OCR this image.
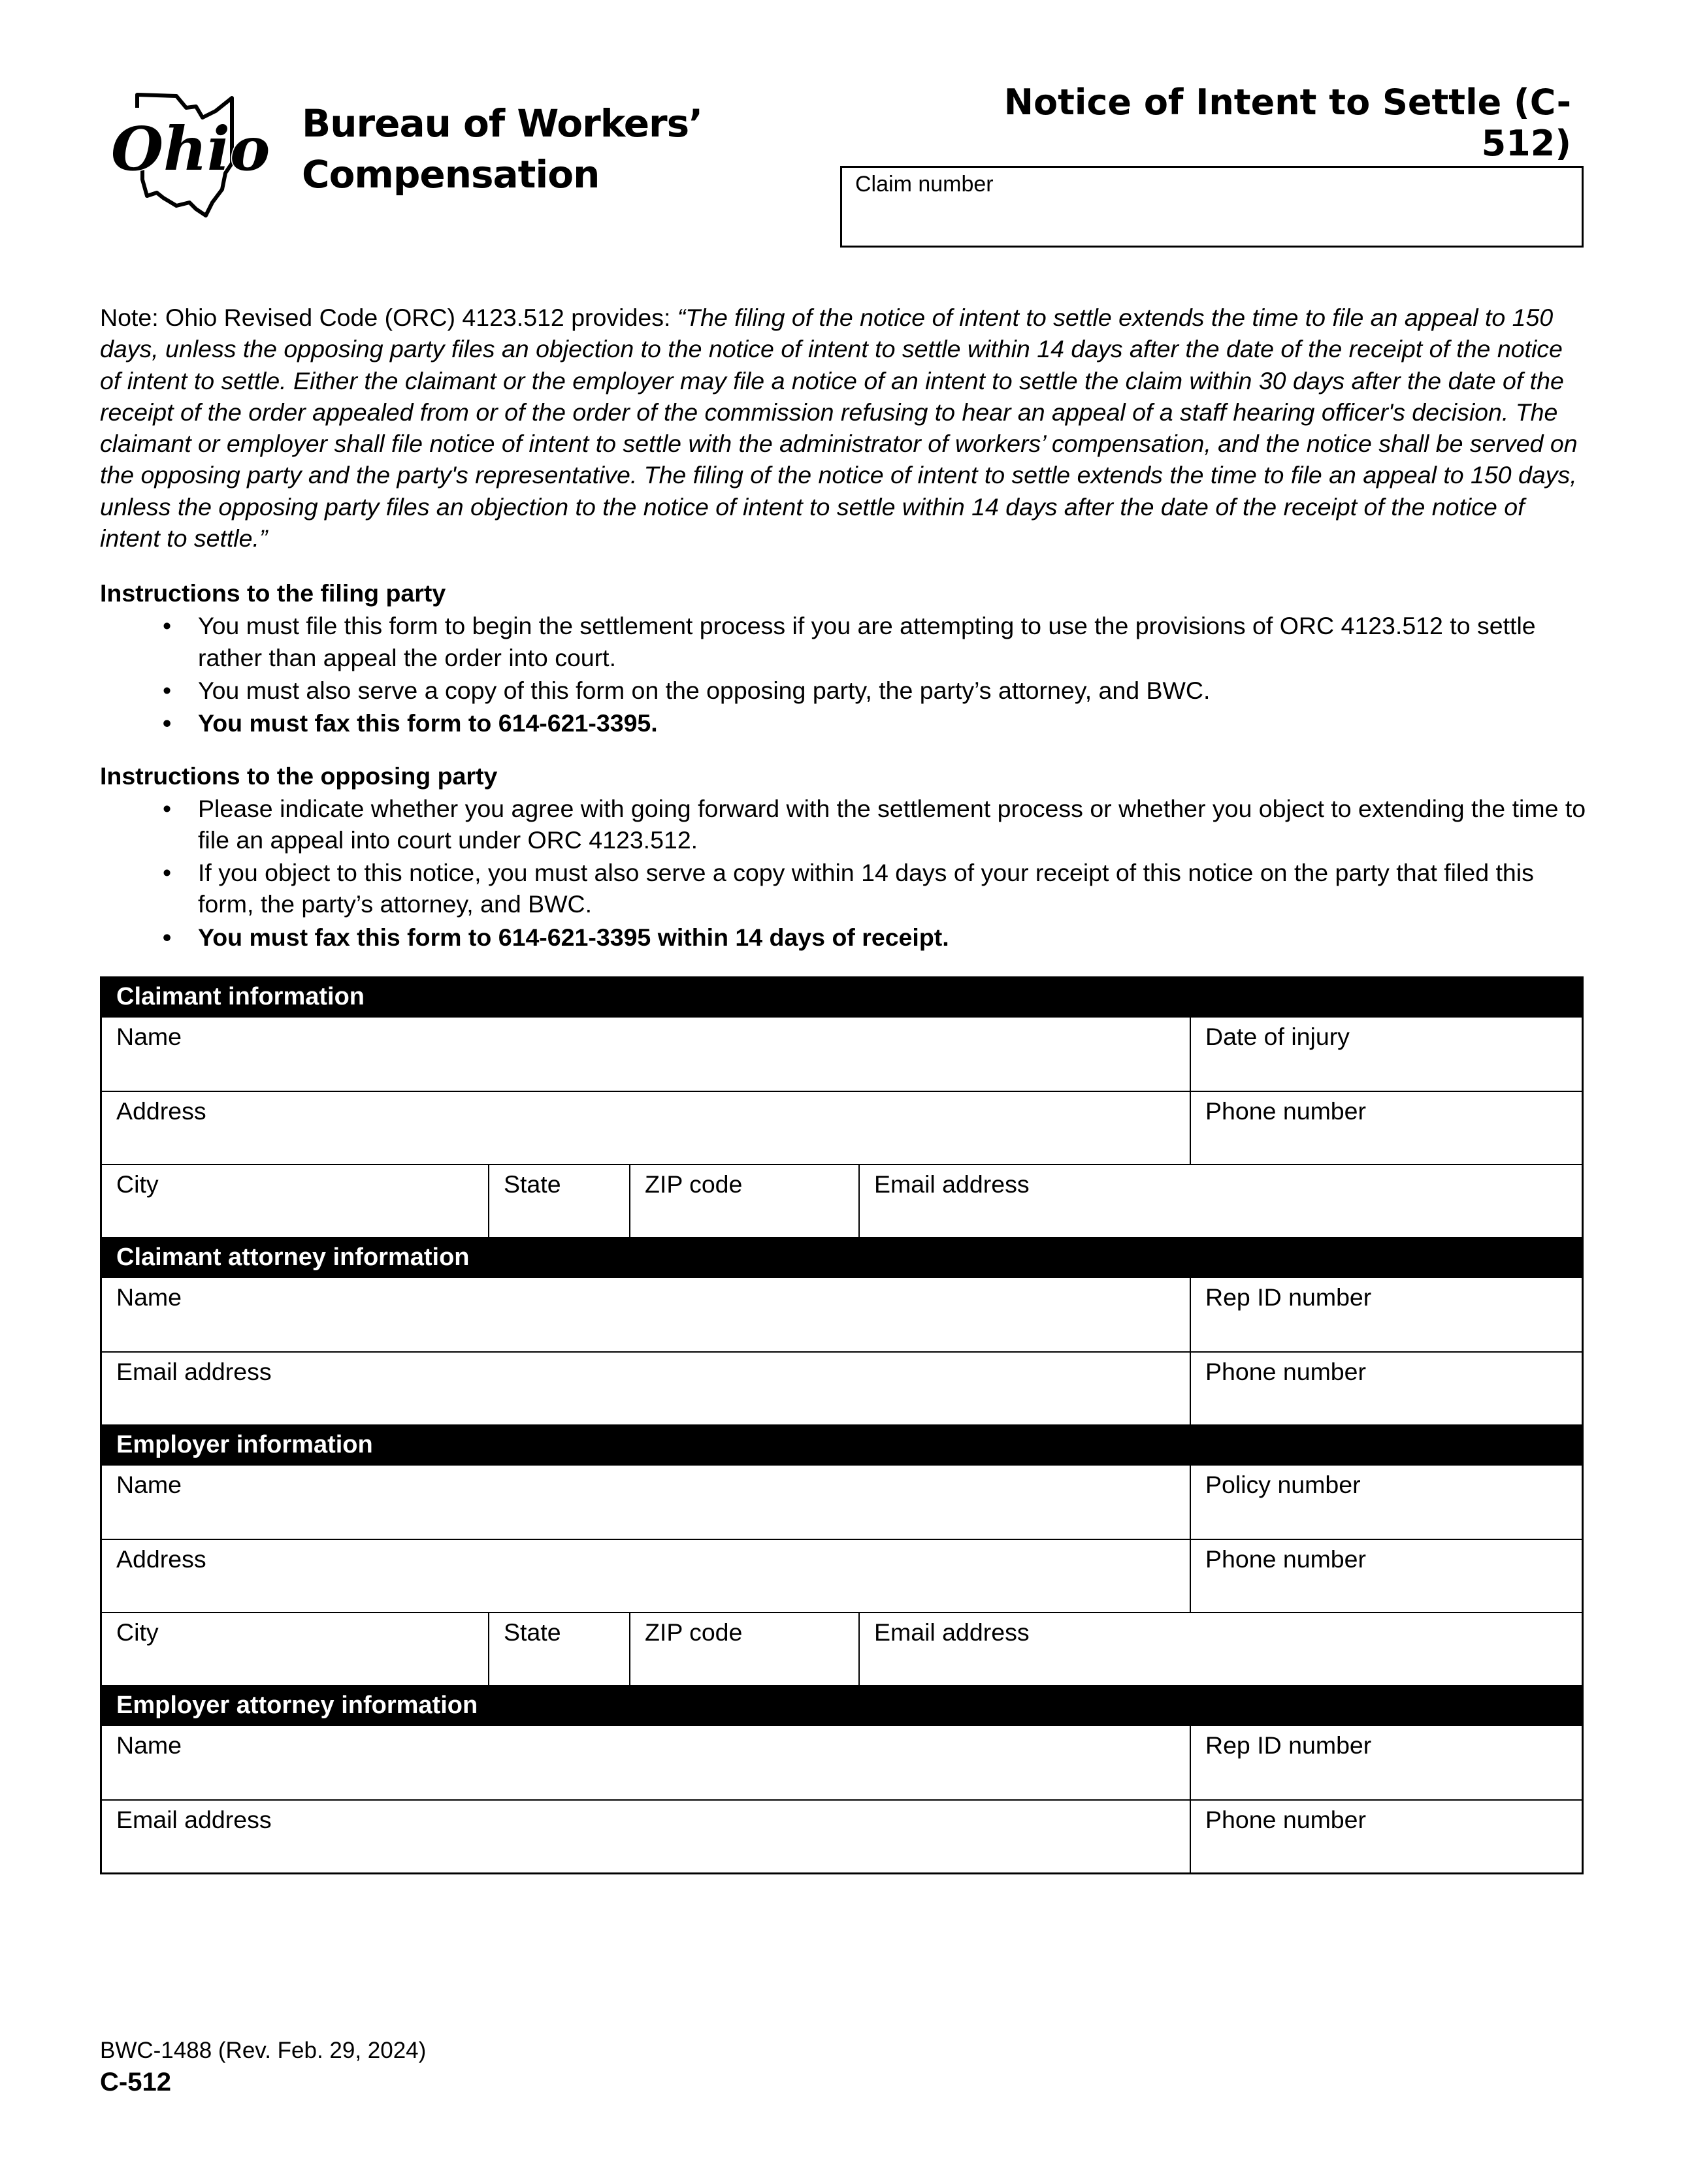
Ohio Bureau of Workers’
Compensation
Notice of Intent to Settle (C-512)
Claim number

Note: Ohio Revised Code (ORC) 4123.512 provides: “The filing of the notice of intent to settle extends the time to file an appeal to 150 days, unless the opposing party files an objection to the notice of intent to settle within 14 days after the date of the receipt of the notice of intent to settle. Either the claimant or the employer may file a notice of an intent to settle the claim within 30 days after the date of the receipt of the order appealed from or of the order of the commission refusing to hear an appeal of a staff hearing officer's decision. The claimant or employer shall file notice of intent to settle with the administrator of workers’ compensation, and the notice shall be served on the opposing party and the party's representative. The filing of the notice of intent to settle extends the time to file an appeal to 150 days, unless the opposing party files an objection to the notice of intent to settle within 14 days after the date of the receipt of the notice of intent to settle.”

Instructions to the filing party
• You must file this form to begin the settlement process if you are attempting to use the provisions of ORC 4123.512 to settle rather than appeal the order into court.
• You must also serve a copy of this form on the opposing party, the party’s attorney, and BWC.
• You must fax this form to 614-621-3395.
Instructions to the opposing party
• Please indicate whether you agree with going forward with the settlement process or whether you object to extending the time to file an appeal into court under ORC 4123.512.
• If you object to this notice, you must also serve a copy within 14 days of your receipt of this notice on the party that filed this form, the party’s attorney, and BWC.
• You must fax this form to 614-621-3395 within 14 days of receipt.
Claimant information
Name	Date of injury
Address	Phone number
City	State	ZIP code	Email address
Claimant attorney information
Name	Rep ID number
Email address	Phone number
Employer information
Name	Policy number
Address	Phone number
City	State	ZIP code	Email address
Employer attorney information
Name	Rep ID number
Email address	Phone number
BWC-1488 (Rev. Feb. 29, 2024)
C-512
